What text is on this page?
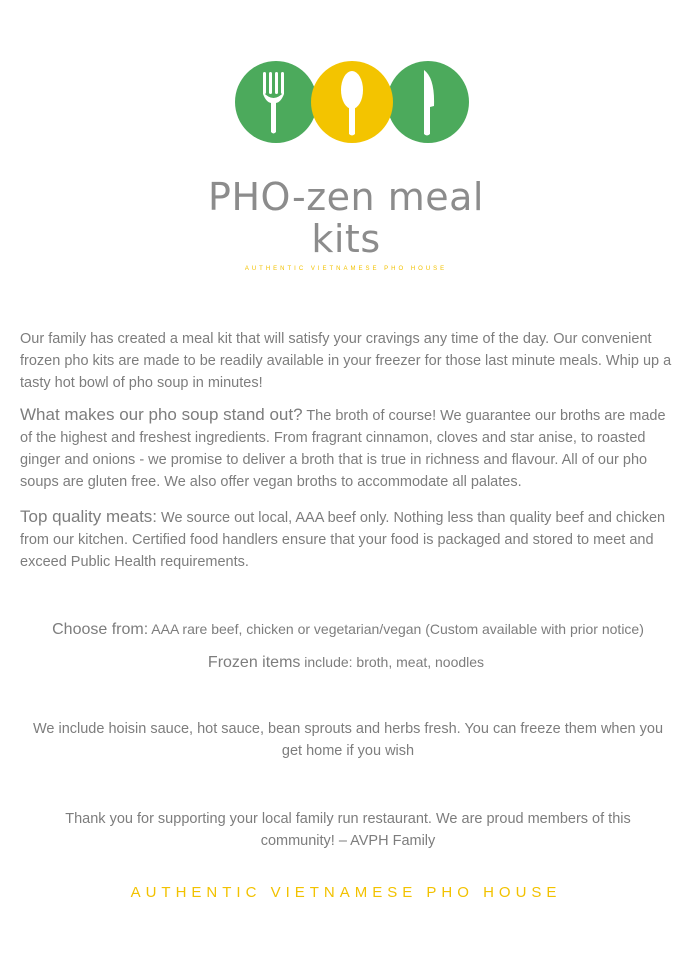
PHO-zen meal
kits
AUTHENTIC VIETNAMESE PHO HOUSE

Our family has created a meal kit that will satisfy your cravings any time of the day. Our convenient frozen pho kits are made to be readily available in your freezer for those last minute meals. Whip up a tasty hot bowl of pho soup in minutes!

What makes our pho soup stand out? The broth of course! We guarantee our broths are made of the highest and freshest ingredients. From fragrant cinnamon, cloves and star anise, to roasted ginger and onions - we promise to deliver a broth that is true in richness and flavour. All of our pho soups are gluten free. We also offer vegan broths to accommodate all palates.

Top quality meats: We source out local, AAA beef only. Nothing less than quality beef and chicken from our kitchen. Certified food handlers ensure that your food is packaged and stored to meet and exceed Public Health requirements.

Choose from: AAA rare beef, chicken or vegetarian/vegan (Custom available with prior notice)

Frozen items include: broth, meat, noodles

We include hoisin sauce, hot sauce, bean sprouts and herbs fresh. You can freeze them when you get home if you wish

Thank you for supporting your local family run restaurant. We are proud members of this community! – AVPH Family

AUTHENTIC VIETNAMESE PHO HOUSE
